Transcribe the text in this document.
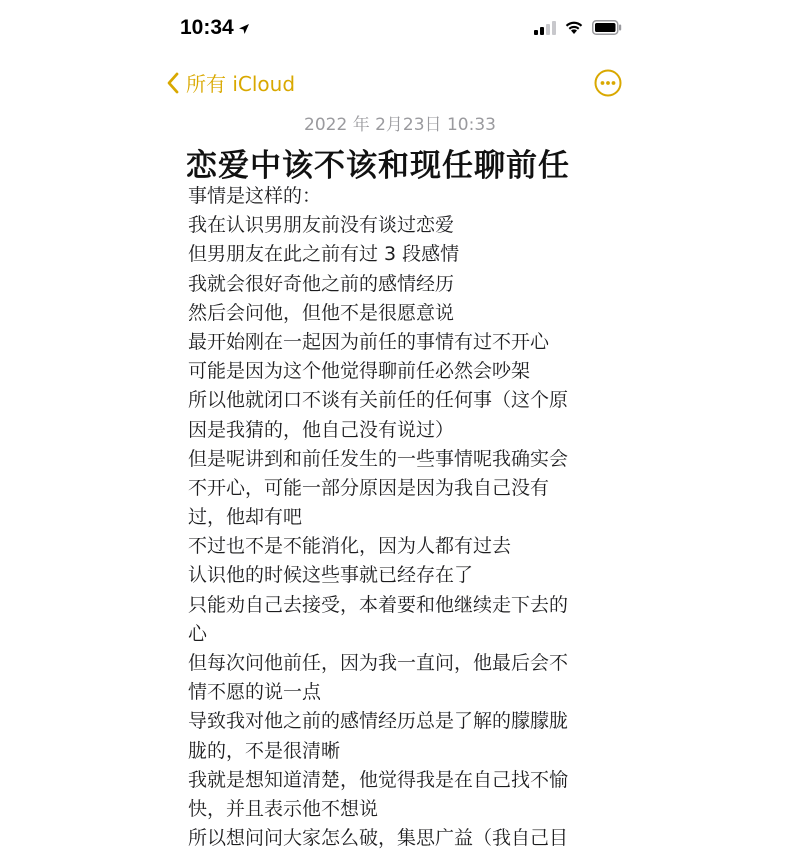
10:34
所有 iCloud
2022 年 2月23日 10:33
恋爱中该不该和现任聊前任
事情是这样的：
我在认识男朋友前没有谈过恋爱
但男朋友在此之前有过 3 段感情
我就会很好奇他之前的感情经历
然后会问他，但他不是很愿意说
最开始刚在一起因为前任的事情有过不开心
可能是因为这个他觉得聊前任必然会吵架
所以他就闭口不谈有关前任的任何事（这个原
因是我猜的，他自己没有说过）
但是呢讲到和前任发生的一些事情呢我确实会
不开心，可能一部分原因是因为我自己没有
过，他却有吧
不过也不是不能消化，因为人都有过去
认识他的时候这些事就已经存在了
只能劝自己去接受，本着要和他继续走下去的
心
但每次问他前任，因为我一直问，他最后会不
情不愿的说一点
导致我对他之前的感情经历总是了解的朦朦胧
胧的，不是很清晰
我就是想知道清楚，他觉得我是在自己找不愉
快，并且表示他不想说
所以想问问大家怎么破，集思广益（我自己目
